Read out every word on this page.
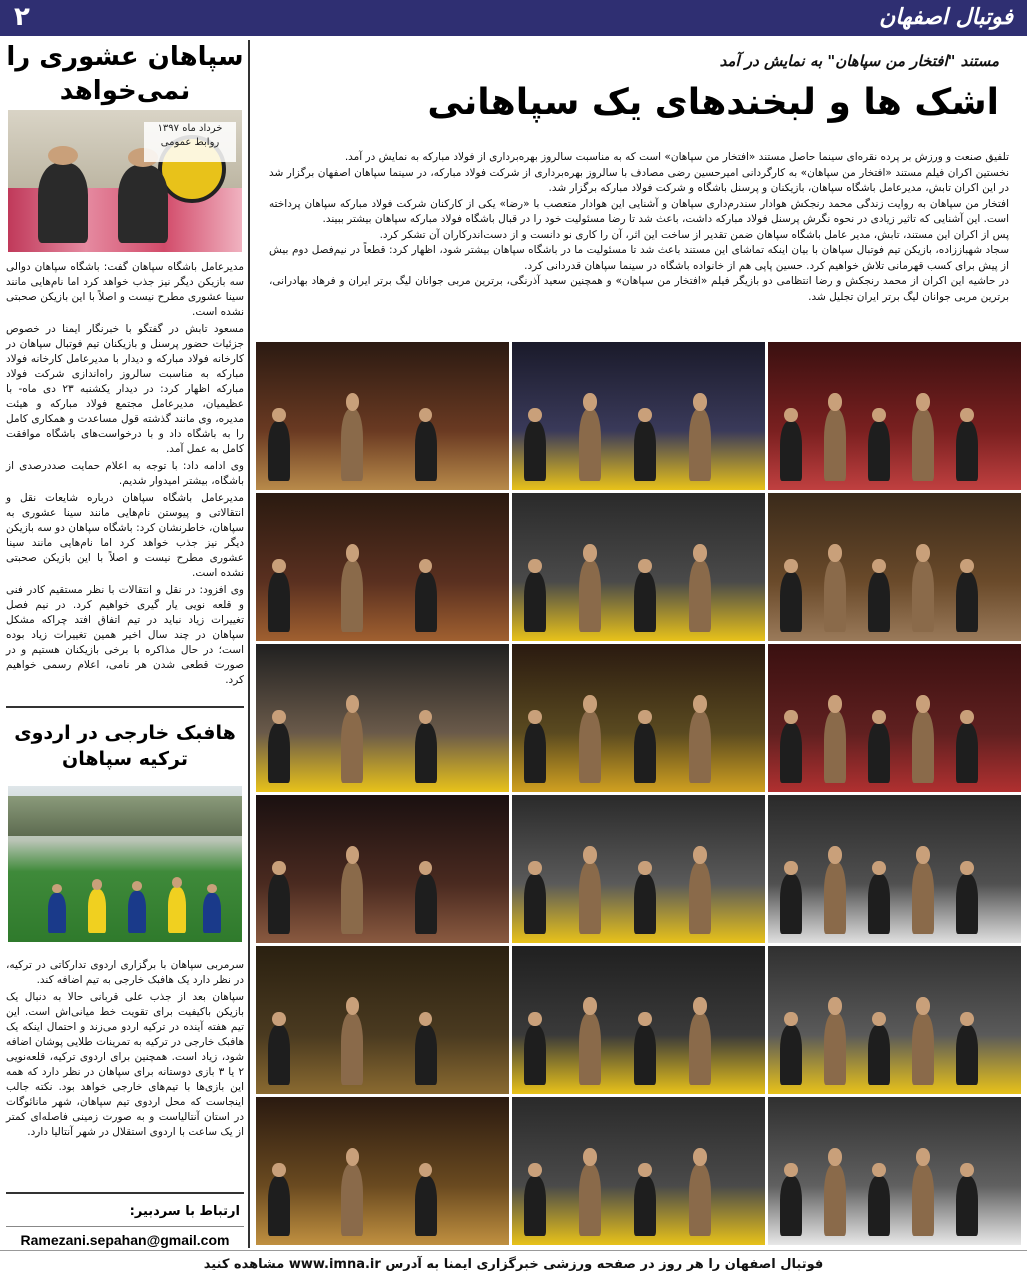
۲	فوتبال اصفهان
مستند "افتخار من سپاهان" به نمایش در آمد
اشک ها و لبخندهای یک سپاهانی

تلفیق صنعت و ورزش بر پرده نقره‌ای سینما حاصل مستند «افتخار من سپاهان» است که به مناسبت سالروز بهره‌برداری از فولاد مبارکه به نمایش در آمد.

نخستین اکران فیلم مستند «افتخار من سپاهان» به کارگردانی امیرحسین رضی مصادف با سالروز بهره‌برداری از شرکت فولاد مبارکه، در سینما سپاهان اصفهان برگزار شد در این اکران تابش، مدیرعامل باشگاه سپاهان، بازیکنان و پرسنل باشگاه و شرکت فولاد مبارکه برگزار شد.

افتخار من سپاهان به روایت زندگی محمد رنجکش هوادار سندرم‌داری سپاهان و آشنایی این هوادار متعصب با «رضا» یکی از کارکنان شرکت فولاد مبارکه سپاهان پرداخته است. این آشنایی که تاثیر زیادی در نحوه نگرش پرسنل فولاد مبارکه داشت، باعث شد تا رضا مسئولیت خود را در قبال باشگاه فولاد مبارکه سپاهان بیشتر ببیند.

پس از اکران این مستند، تابش، مدیر عامل باشگاه سپاهان ضمن تقدیر از ساخت این اثر، آن را کاری نو دانست و از دست‌اندرکاران آن تشکر کرد.

سجاد شهباززاده، بازیکن تیم فوتبال سپاهان با بیان اینکه تماشای این مستند باعث شد تا مسئولیت ما در باشگاه سپاهان بیشتر شود، اظهار کرد: قطعاً در نیم‌فصل دوم بیش از پیش برای کسب قهرمانی تلاش خواهیم کرد. حسین پاپی هم از خانواده باشگاه در سینما سپاهان قدردانی کرد.

در حاشیه این اکران از محمد رنجکش و رضا انتظامی دو بازیگر فیلم «افتخار من سپاهان» و همچنین سعید آذرنگی، برترین مربی جوانان لیگ برتر ایران و فرهاد بهادرانی، برترین مربی جوانان لیگ برتر ایران تجلیل شد.

سپاهان عشوری را نمی‌خواهد
خرداد ماه ۱۳۹۷
روابط عمومی

مدیرعامل باشگاه سپاهان گفت: باشگاه سپاهان دوالی سه بازیکن دیگر نیز جذب خواهد کرد اما نام‌هایی مانند سینا عشوری مطرح نیست و اصلاً با این بازیکن صحبتی نشده است.

مسعود تابش در گفتگو با خبرنگار ایمنا در خصوص جزئیات حضور پرسنل و بازیکنان تیم فوتبال سپاهان در کارخانه فولاد مبارکه و دیدار با مدیرعامل کارخانه فولاد مبارکه به مناسبت سالروز راه‌اندازی شرکت فولاد مبارکه اظهار کرد: در دیدار یکشنبه ۲۳ دی ماه- با عظیمیان، مدیرعامل مجتمع فولاد مبارکه و هیئت مدیره، وی مانند گذشته قول مساعدت و همکاری کامل را به باشگاه داد و با درخواست‌های باشگاه موافقت کامل به عمل آمد.

وی ادامه داد: با توجه به اعلام حمایت صددرصدی از باشگاه، بیشتر امیدوار شدیم.

مدیرعامل باشگاه سپاهان درباره شایعات نقل و انتقالاتی و پیوستن نام‌هایی مانند سینا عشوری به سپاهان، خاطرنشان کرد: باشگاه سپاهان دو سه بازیکن دیگر نیز جذب خواهد کرد اما نام‌هایی مانند سینا عشوری مطرح نیست و اصلاً با این بازیکن صحبتی نشده است.

وی افزود: در نقل و انتقالات با نظر مستقیم کادر فنی و قلعه نویی یار گیری خواهیم کرد. در نیم فصل تغییرات زیاد نباید در تیم اتفاق افتد چراکه مشکل سپاهان در چند سال اخیر همین تغییرات زیاد بوده است؛ در حال مذاکره با برخی بازیکنان هستیم و در صورت قطعی شدن هر نامی، اعلام رسمی خواهیم کرد.

هافبک خارجی در اردوی ترکیه سپاهان

سرمربی سپاهان با برگزاری اردوی تدارکاتی در ترکیه، در نظر دارد یک هافبک خارجی به تیم اضافه کند.

سپاهان بعد از جذب علی قربانی حالا به دنبال یک بازیکن باکیفیت برای تقویت خط میانی‌اش است. این تیم هفته آینده در ترکیه اردو می‌زند و احتمال اینکه یک هافبک خارجی در ترکیه به تمرینات طلایی پوشان اضافه شود، زیاد است. همچنین برای اردوی ترکیه، قلعه‌نویی ۲ یا ۳ بازی دوستانه برای سپاهان در نظر دارد که همه این بازی‌ها با تیم‌های خارجی خواهد بود. نکته جالب اینجاست که محل اردوی تیم سپاهان، شهر مانائوگات در استان آنتالیاست و به صورت زمینی فاصله‌ای کمتر از یک ساعت با اردوی استقلال در شهر آنتالیا دارد.

ارتباط با سردبیر:
Ramezani.sepahan@gmail.com
فوتبال اصفهان را هر روز در صفحه ورزشی خبرگزاری ایمنا به آدرس www.imna.ir مشاهده کنید
